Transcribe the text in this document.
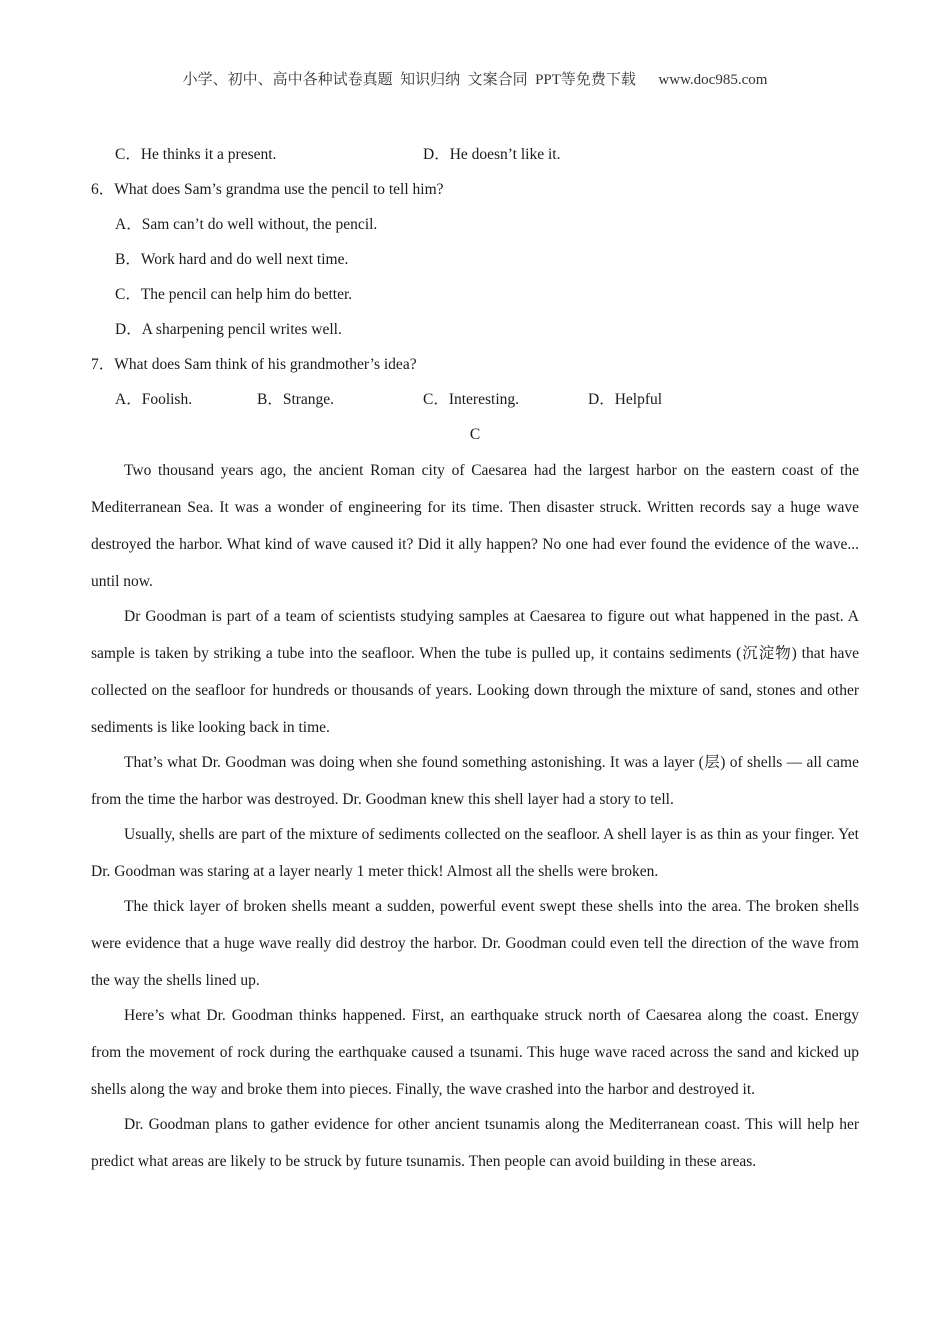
小学、初中、高中各种试卷真题  知识归纳  文案合同  PPT等免费下载      www.doc985.com
C．He thinks it a present.	D．He doesn’t like it.
6．What does Sam’s grandma use the pencil to tell him?
A．Sam can’t do well without, the pencil.
B．Work hard and do well next time.
C．The pencil can help him do better.
D．A sharpening pencil writes well.
7．What does Sam think of his grandmother’s idea?
A．Foolish.	B．Strange.	C．Interesting.	D．Helpful
C

Two thousand years ago, the ancient Roman city of Caesarea had the largest harbor on the eastern coast of the Mediterranean Sea. It was a wonder of engineering for its time. Then disaster struck. Written records say a huge wave destroyed the harbor. What kind of wave caused it? Did it ally happen? No one had ever found the evidence of the wave... until now.

Dr Goodman is part of a team of scientists studying samples at Caesarea to figure out what happened in the past. A sample is taken by striking a tube into the seafloor. When the tube is pulled up, it contains sediments (沉淀物) that have collected on the seafloor for hundreds or thousands of years. Looking down through the mixture of sand, stones and other sediments is like looking back in time.

That’s what Dr. Goodman was doing when she found something astonishing. It was a layer (层) of shells — all came from the time the harbor was destroyed. Dr. Goodman knew this shell layer had a story to tell.

Usually, shells are part of the mixture of sediments collected on the seafloor. A shell layer is as thin as your finger. Yet Dr. Goodman was staring at a layer nearly 1 meter thick! Almost all the shells were broken.

The thick layer of broken shells meant a sudden, powerful event swept these shells into the area. The broken shells were evidence that a huge wave really did destroy the harbor. Dr. Goodman could even tell the direction of the wave from the way the shells lined up.

Here’s what Dr. Goodman thinks happened. First, an earthquake struck north of Caesarea along the coast. Energy from the movement of rock during the earthquake caused a tsunami. This huge wave raced across the sand and kicked up shells along the way and broke them into pieces. Finally, the wave crashed into the harbor and destroyed it.

Dr. Goodman plans to gather evidence for other ancient tsunamis along the Mediterranean coast. This will help her predict what areas are likely to be struck by future tsunamis. Then people can avoid building in these areas.
